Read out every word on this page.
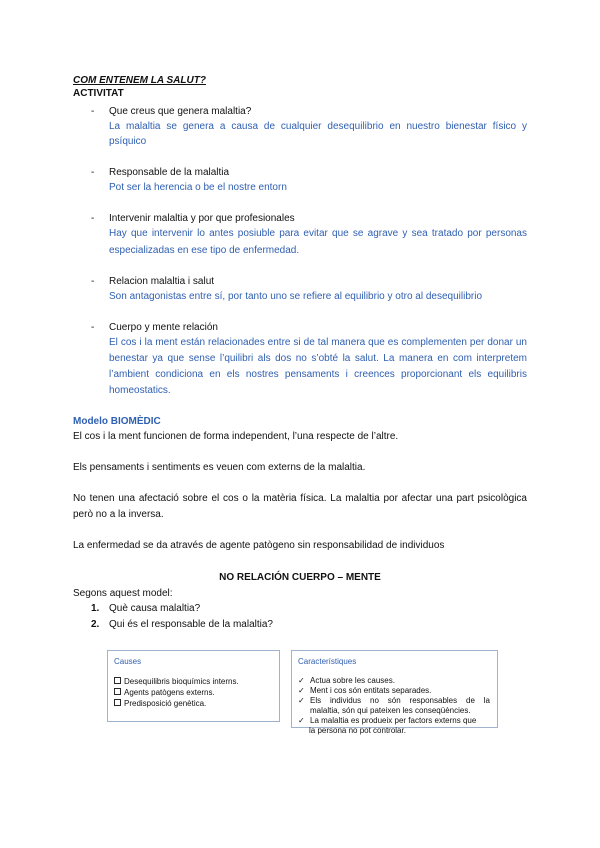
COM ENTENEM LA SALUT?
ACTIVITAT
- Que creus que genera malaltia?
La malaltia se genera a causa de cualquier desequilibrio en nuestro bienestar físico y
psíquico
- Responsable de la malaltia
Pot ser la herencia o be el nostre entorn
- Intervenir malaltia y por que profesionales
Hay que intervenir lo antes posiuble para evitar que se agrave y sea tratado por personas
especializadas en ese tipo de enfermedad.
- Relacion malaltia i salut
Son antagonistas entre sí, por tanto uno se refiere al equilibrio y otro al desequilibrio
- Cuerpo y mente relación
El cos i la ment están relacionades entre si de tal manera que es complementen per donar un
benestar ya que sense l’quilibri als dos no s’obté la salut. La manera en com interpretem
l’ambient condiciona en els nostres pensaments i creences proporcionant els equilibris
homeostatics.
Modelo BIOMÈDIC
El cos i la ment funcionen de forma independent, l’una respecte de l’altre.
Els pensaments i sentiments es veuen com externs de la malaltia.
No tenen una afectació sobre el cos o la matèria física. La malaltia por afectar una part psicològica
però no a la inversa.
La enfermedad se da através de agente patògeno sin responsabilidad de individuos
NO RELACIÓN CUERPO – MENTE
Segons aquest model:
1. Què causa malaltia?
2. Qui és el responsable de la malaltia?
Causes
Desequilibris bioquímics interns.
Agents patògens externs.
Predisposició genètica.
Característiques
✓ Actua sobre les causes.
✓ Ment i cos són entitats separades.
✓ Els individus no són responsables de la
malaltia, són qui pateixen les conseqüències.
✓ La malaltia es produeix per factors externs que
la persona no pot controlar.
